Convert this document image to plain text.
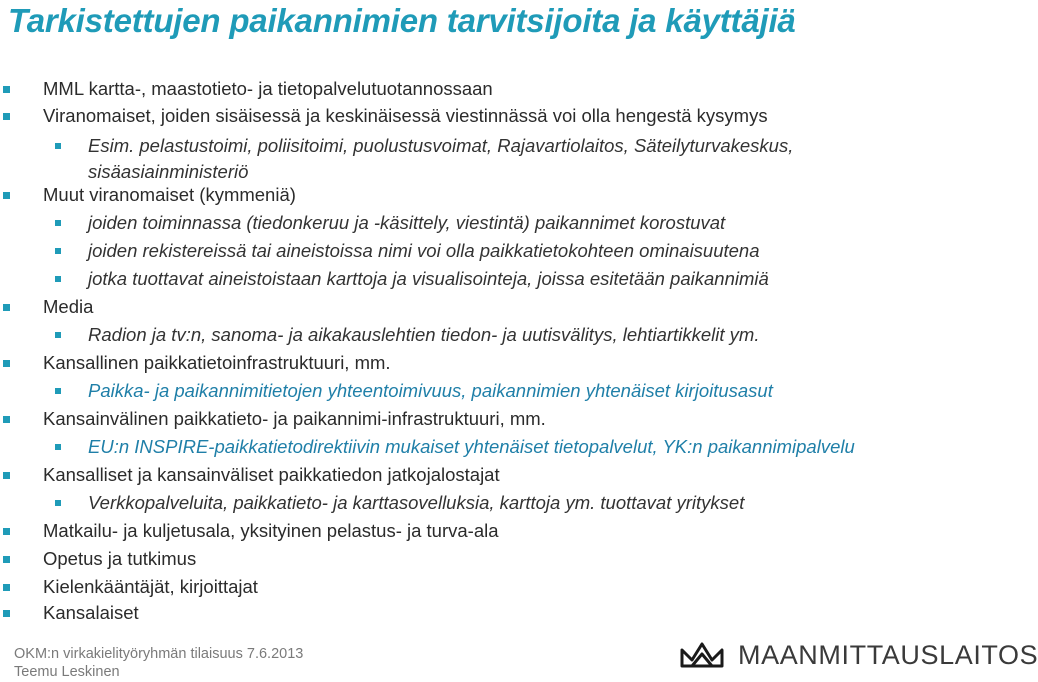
Tarkistettujen paikannimien tarvitsijoita ja käyttäjiä
MML kartta-, maastotieto- ja tietopalvelutuotannossaan
Viranomaiset, joiden sisäisessä ja keskinäisessä viestinnässä voi olla hengestä kysymys
Esim. pelastustoimi, poliisitoimi, puolustusvoimat, Rajavartiolaitos, Säteilyturvakeskus,
sisäasiainministeriö
Muut viranomaiset (kymmeniä)
joiden toiminnassa (tiedonkeruu ja -käsittely, viestintä) paikannimet korostuvat
joiden rekistereissä tai aineistoissa nimi voi olla paikkatietokohteen ominaisuutena
jotka tuottavat aineistoistaan karttoja ja visualisointeja, joissa esitetään paikannimiä
Media
Radion ja tv:n, sanoma- ja aikakauslehtien tiedon- ja uutisvälitys, lehtiartikkelit ym.
Kansallinen paikkatietoinfrastruktuuri, mm.
Paikka- ja paikannimitietojen yhteentoimivuus, paikannimien yhtenäiset kirjoitusasut
Kansainvälinen paikkatieto- ja paikannimi-infrastruktuuri, mm.
EU:n INSPIRE-paikkatietodirektiivin mukaiset yhtenäiset tietopalvelut, YK:n paikannimipalvelu
Kansalliset ja kansainväliset paikkatiedon jatkojalostajat
Verkkopalveluita, paikkatieto- ja karttasovelluksia, karttoja ym. tuottavat yritykset
Matkailu- ja kuljetusala, yksityinen pelastus- ja turva-ala
Opetus ja tutkimus
Kielenkääntäjät, kirjoittajat
Kansalaiset
OKM:n virkakielityöryhmän tilaisuus 7.6.2013
Teemu Leskinen
MAANMITTAUSLAITOS
